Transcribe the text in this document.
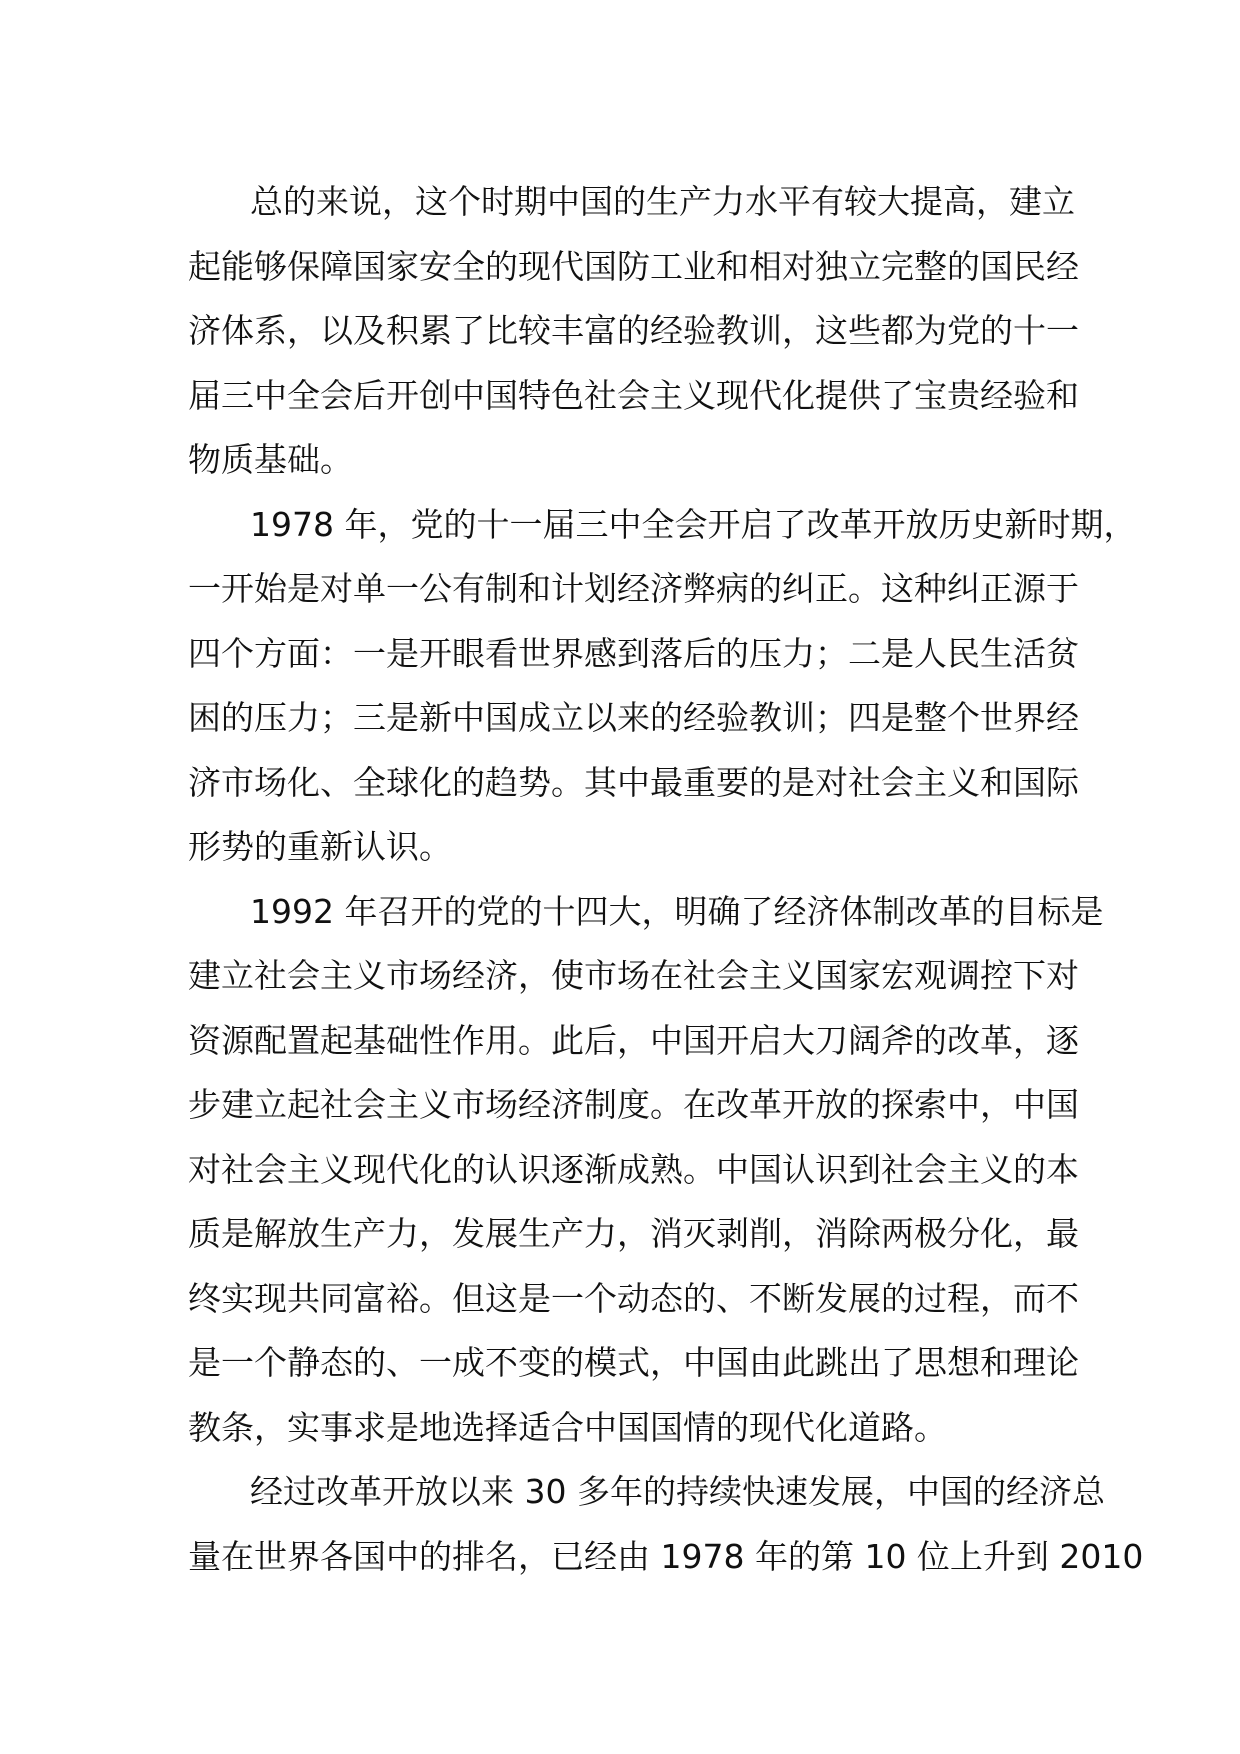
总的来说，这个时期中国的生产力水平有较大提高，建立
起能够保障国家安全的现代国防工业和相对独立完整的国民经
济体系，以及积累了比较丰富的经验教训，这些都为党的十一
届三中全会后开创中国特色社会主义现代化提供了宝贵经验和
物质基础。
1978 年，党的十一届三中全会开启了改革开放历史新时期，
一开始是对单一公有制和计划经济弊病的纠正。这种纠正源于
四个方面：一是开眼看世界感到落后的压力；二是人民生活贫
困的压力；三是新中国成立以来的经验教训；四是整个世界经
济市场化、全球化的趋势。其中最重要的是对社会主义和国际
形势的重新认识。
1992 年召开的党的十四大，明确了经济体制改革的目标是
建立社会主义市场经济，使市场在社会主义国家宏观调控下对
资源配置起基础性作用。此后，中国开启大刀阔斧的改革，逐
步建立起社会主义市场经济制度。在改革开放的探索中，中国
对社会主义现代化的认识逐渐成熟。中国认识到社会主义的本
质是解放生产力，发展生产力，消灭剥削，消除两极分化，最
终实现共同富裕。但这是一个动态的、不断发展的过程，而不
是一个静态的、一成不变的模式，中国由此跳出了思想和理论
教条，实事求是地选择适合中国国情的现代化道路。
经过改革开放以来 30 多年的持续快速发展，中国的经济总
量在世界各国中的排名，已经由 1978 年的第 10 位上升到 2010
